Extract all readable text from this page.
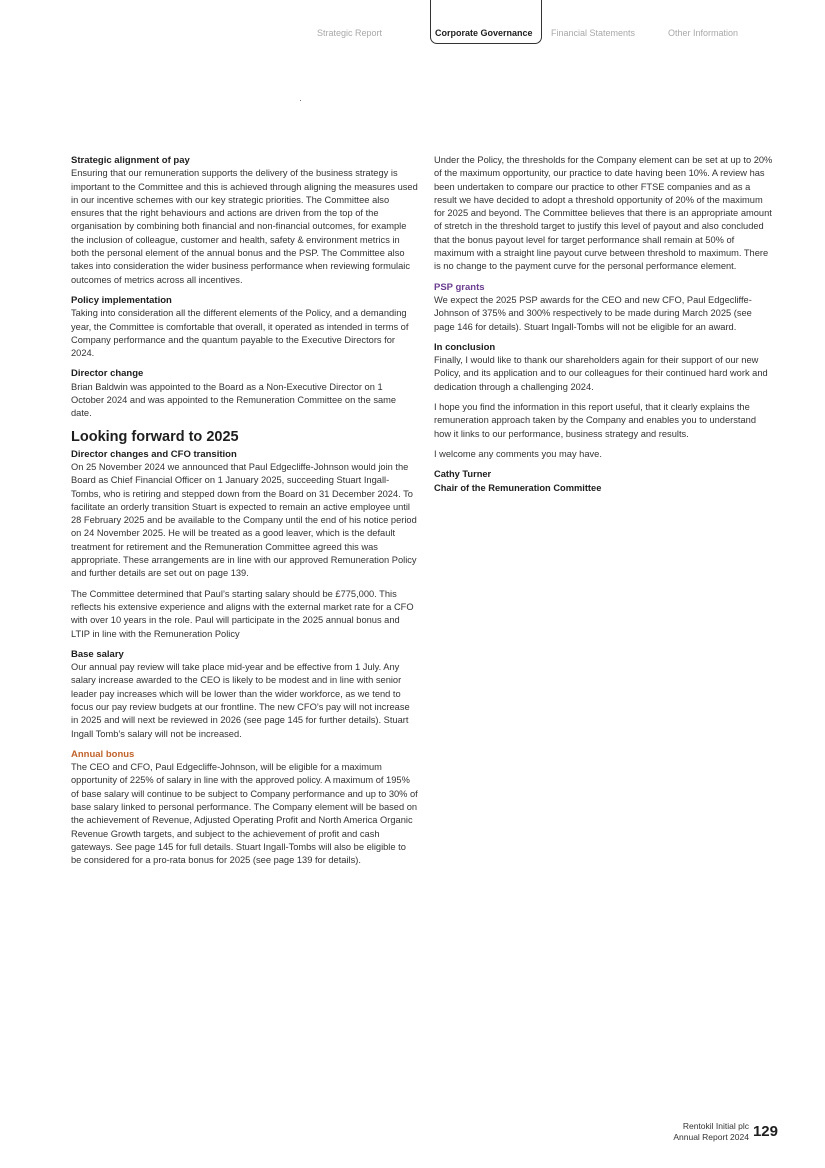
Strategic Report	Corporate Governance	Financial Statements	Other Information
Strategic alignment of pay

Ensuring that our remuneration supports the delivery of the business strategy is important to the Committee and this is achieved through aligning the measures used in our incentive schemes with our key strategic priorities. The Committee also ensures that the right behaviours and actions are driven from the top of the organisation by combining both financial and non-financial outcomes, for example the inclusion of colleague, customer and health, safety & environment metrics in both the personal element of the annual bonus and the PSP. The Committee also takes into consideration the wider business performance when reviewing formulaic outcomes of metrics across all incentives.

Policy implementation

Taking into consideration all the different elements of the Policy, and a demanding year, the Committee is comfortable that overall, it operated as intended in terms of Company performance and the quantum payable to the Executive Directors for 2024.

Director change

Brian Baldwin was appointed to the Board as a Non-Executive Director on 1 October 2024 and was appointed to the Remuneration Committee on the same date.

Looking forward to 2025
Director changes and CFO transition

On 25 November 2024 we announced that Paul Edgecliffe-Johnson would join the Board as Chief Financial Officer on 1 January 2025, succeeding Stuart Ingall-Tombs, who is retiring and stepped down from the Board on 31 December 2024. To facilitate an orderly transition Stuart is expected to remain an active employee until 28 February 2025 and be available to the Company until the end of his notice period on 24 November 2025. He will be treated as a good leaver, which is the default treatment for retirement and the Remuneration Committee agreed this was appropriate. These arrangements are in line with our approved Remuneration Policy and further details are set out on page 139.

The Committee determined that Paul’s starting salary should be £775,000. This reflects his extensive experience and aligns with the external market rate for a CFO with over 10 years in the role. Paul will participate in the 2025 annual bonus and LTIP in line with the Remuneration Policy

Base salary

Our annual pay review will take place mid-year and be effective from 1 July. Any salary increase awarded to the CEO is likely to be modest and in line with senior leader pay increases which will be lower than the wider workforce, as we tend to focus our pay review budgets at our frontline. The new CFO’s pay will not increase in 2025 and will next be reviewed in 2026 (see page 145 for further details). Stuart Ingall Tomb’s salary will not be increased.

Annual bonus

The CEO and CFO, Paul Edgecliffe-Johnson, will be eligible for a maximum opportunity of 225% of salary in line with the approved policy. A maximum of 195% of base salary will continue to be subject to Company performance and up to 30% of base salary linked to personal performance. The Company element will be based on the achievement of Revenue, Adjusted Operating Profit and North America Organic Revenue Growth targets, and subject to the achievement of profit and cash gateways. See page 145 for full details. Stuart Ingall-Tombs will also be eligible to be considered for a pro-rata bonus for 2025 (see page 139 for details).

Under the Policy, the thresholds for the Company element can be set at up to 20% of the maximum opportunity, our practice to date having been 10%. A review has been undertaken to compare our practice to other FTSE companies and as a result we have decided to adopt a threshold opportunity of 20% of the maximum for 2025 and beyond. The Committee believes that there is an appropriate amount of stretch in the threshold target to justify this level of payout and also concluded that the bonus payout level for target performance shall remain at 50% of maximum with a straight line payout curve between threshold to maximum. There is no change to the payment curve for the personal performance element.

PSP grants

We expect the 2025 PSP awards for the CEO and new CFO, Paul Edgecliffe-Johnson of 375% and 300% respectively to be made during March 2025 (see page 146 for details). Stuart Ingall-Tombs will not be eligible for an award.

In conclusion

Finally, I would like to thank our shareholders again for their support of our new Policy, and its application and to our colleagues for their continued hard work and dedication through a challenging 2024.

I hope you find the information in this report useful, that it clearly explains the remuneration approach taken by the Company and enables you to understand how it links to our performance, business strategy and results.

I welcome any comments you may have.

Cathy Turner
Chair of the Remuneration Committee
Rentokil Initial plc
Annual Report 2024 129
